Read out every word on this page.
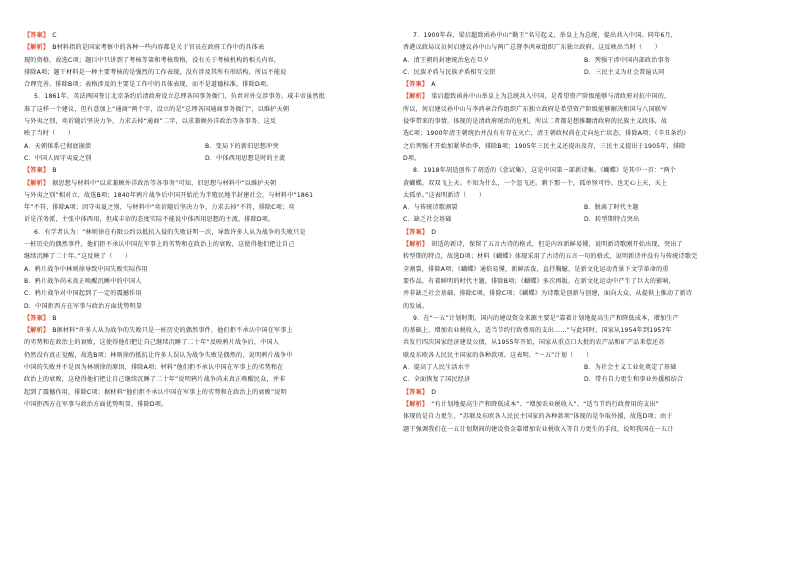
【答案】 C
【解析】 B材料指的是国家考察中的各种一些内容都是关于官员在政府工作中的具体表
现的资格，故选C项；题目中只讲到了考核等第和考核资格，没有关于考核机构的相关内容，
排除A项；题干材料是一种主要考核的是强烈的工作表现，没有涉及其所有形结构，所以不能说
合理完善，排除B项；表格涉及的主要是工作中的具体表现，而不是道德标准，排除D项。
5．1861年，英法两国签订北京条约后清政府设立总理各国事务衙门，负责对外交涉事务。咸丰帝虽然批
准了这样一个建议，但有意加上“通商”两个字，设立的是“总理各国通商事务衙门”，以维护天朝
与外夷之别，奕䜣随后坚决力争，力求去掉“通商”二字，以求兼顾外洋政治等各事务。这反
映了当时（　　）
A．天朝体系已彻底崩溃	B．变局下的新旧思想冲突
C．中国人固守夷夏之别	D．中体西用思想是时的主流
【答案】 B
【解析】 据思想与材料中“以求兼顾外洋政治等各事务”可知，旧思想与材料中“以维护天朝
与外夷之别”相对立，故选B项；1840年鸦片战争后中国开始沦为半殖民地半封建社会，与材料中“1861
年”不符，排除A项；因守夷夏之别，与材料中“奕䜣随后坚决力争，力求去掉”不符，排除C项；奕
䜣是洋务派，主张中体西用，但咸丰帝的态度实际不能说中体西用思想的主流，排除D项。
6．有学者认为：“林则徐在有限公约以抵抗入侵的失败证明一次，导致许多人从为战争的失败只是
一桩历史的偶然事件，他们拒不承认中国在军事上的劣势和在政治上的衰败，这使得他们把让自己
继续沉睡了二十年。”这反映了（　　）
A．鸦片战争中林则徐导致中国失败实际作用
B．鸦片战争尚未真正唤醒沉睡中的中国人
C．鸦片战争对中国起到了一定的震撼作用
D．中国拒西方在军事与政治方面优势明显
【答案】 B
【解析】 B据材料“许多人从为战争的失败只是一桩历史的偶然事件，他们拒不承认中国在军事上
的劣势和在政治上的衰败，这使得他们把让自己继续沉睡了二十年”反映鸦片战争后，中国人
仍然没有真正觉醒，故选B项；林则徐的抵抗让许多人误认为战争失败是偶然的，说明鸦片战争中
中国的失败并不是因为林则徐的原因，排除A项；材料“他们拒不承认中国在军事上的劣势和在
政治上的衰败，这使得他们把让自己继续沉睡了二十年”说明鸦片战争尚未真正唤醒民众，并非
起到了震撼作用，排除C项；据材料“他们拒不承认中国在军事上的劣势和在政治上的衰败”说明
中国拒西方在军事与政治方面优势明显，排除D项。
7．1900年春，梁启超致函孙中山“勤王”名号起义，举皇上为总统，提出共入中国。同年6月，
香港议政局议员何启建议孙中山与两广总督李鸿章组织广东独立政府。这反映出当时（　　）
A．清王朝的封建统治危在旦夕	B．列强干涉中国内部政治事务
C．民族矛盾与民族矛盾相互交织	D．三民主义为社会普遍认同
【答案】 A
【解析】 梁启超致函孙中山举皇上为总统共入中国，是希望资产阶级能够与清政府对抗中国的，
所以，何启建议孙中山与李鸿章合作组织广东独立政府是希望资产阶级能够解决和国与八国联军
侵华带来的事情，体现的是清政府统治的危机，所以二者都是想推翻清政府的民族主义政体，故
选C项；1900年清王朝统治并没有有存在灭亡，清王朝政权尚在走向危亡状态，排除A项；《辛丑条约》
之后列强才开始加紧华治华，排除B项；1905年三民主义还提出及存，三民主义提出于1905年，排除
D项。
8．1918年胡适创作了胡适的《尝试集》，这是中国第一部新诗集。《蝴蝶》是其中一首：“两个
黄蝴蝶，双双飞上天。不知为什么，一个忽飞还。剩下那一个，孤单怪可怜。也无心上天，天上
太孤单。”这表明新诗（　　）
A．与传统诗歌割裂	B．脱离了时代主题
C．缺乏社会基础	D．转型期特点突出
【答案】 D
【解析】 胡适的新诗，保留了五言古诗的格式，但是内容新鲜易懂，说明新诗歌刚开始出现，突出了
转型期的特点，故选D项；材料《蝴蝶》体现采用了古诗的五言一句的格式，说明新诗并没有与传统诗歌完
全割裂，排除A项；《蝴蝶》通俗易懂，新鲜活泼，直抒胸臆，是新文化运动背景下文学革命的重
要作品，有着鲜明的时代主题，排除B项；《蝴蝶》多次再版，在新文化运动中产生了巨大的影响，
并非缺乏社会基础，排除C项。排除C项；《蝴蝶》为诗歌是创新与创建，面向大众，从提供上推动了新诗
的发展。
9．在“一五”计划时期，国内的建设资金来源主要是“靠着计划地提高生产和降低成本，增加生产
的基础上，增加农业税收入，适当节约行政费用的支出……”与此同时，国家从1954年到1957年
共发行四次国家经济建设公债，从1955年开始，国家从重点口大批的农产品和矿产品来偿还苏
联及东欧各人民民主国家的各种款项。这表明，“一五”计划（　　）
A．提高了人民生活水平	B．为社会主义工业化奠定了基础
C．全面恢复了国民经济	D．带有自力更生和事业外援相结合
【答案】 D
【解析】 “有计划地提高生产和降低成本”、“增加农业税收入”、“适当节约行政费用的支出”
体现的是自力更生，“苏联及东欧各人民民主国家的各种款项”体现的是争取外援，故选D项；由于
题干强调我们在一五计划期间的建设资金靠增加农业税收入等自力更生的手段，说明我国在一五计
